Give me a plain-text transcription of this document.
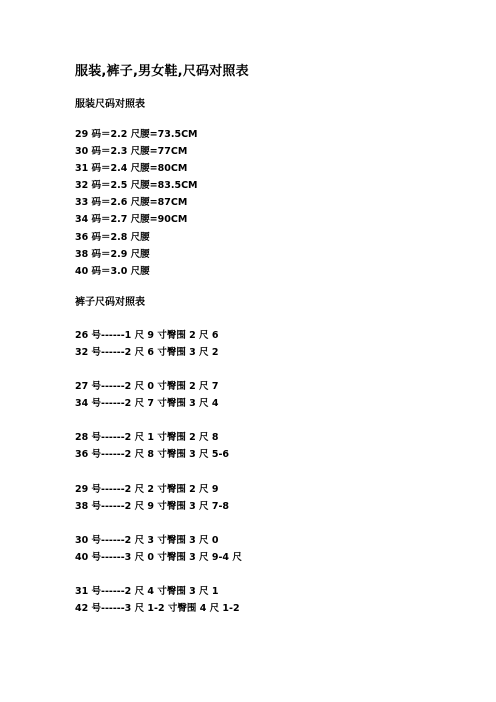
服装,裤子,男女鞋,尺码对照表
服装尺码对照表
29 码＝2.2 尺腰=73.5CM
30 码＝2.3 尺腰=77CM
31 码＝2.4 尺腰=80CM
32 码＝2.5 尺腰=83.5CM
33 码＝2.6 尺腰=87CM
34 码＝2.7 尺腰=90CM
36 码＝2.8 尺腰
38 码＝2.9 尺腰
40 码＝3.0 尺腰
裤子尺码对照表
26 号------1 尺 9 寸臀围 2 尺 6
32 号------2 尺 6 寸臀围 3 尺 2
27 号------2 尺 0 寸臀围 2 尺 7
34 号------2 尺 7 寸臀围 3 尺 4
28 号------2 尺 1 寸臀围 2 尺 8
36 号------2 尺 8 寸臀围 3 尺 5-6
29 号------2 尺 2 寸臀围 2 尺 9
38 号------2 尺 9 寸臀围 3 尺 7-8
30 号------2 尺 3 寸臀围 3 尺 0
40 号------3 尺 0 寸臀围 3 尺 9-4 尺
31 号------2 尺 4 寸臀围 3 尺 1
42 号------3 尺 1-2 寸臀围 4 尺 1-2
